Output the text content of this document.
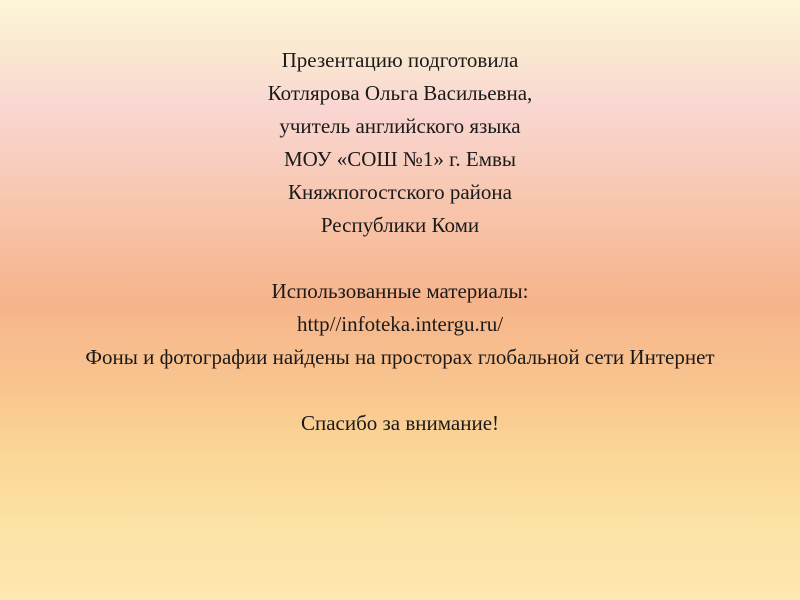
Презентацию подготовила
Котлярова Ольга Васильевна,
учитель английского языка
МОУ «СОШ №1» г. Емвы
Княжпогостского района
Республики Коми
Использованные материалы:
http//infoteka.intergu.ru/
Фоны и фотографии найдены на просторах глобальной сети Интернет
Спасибо за внимание!
